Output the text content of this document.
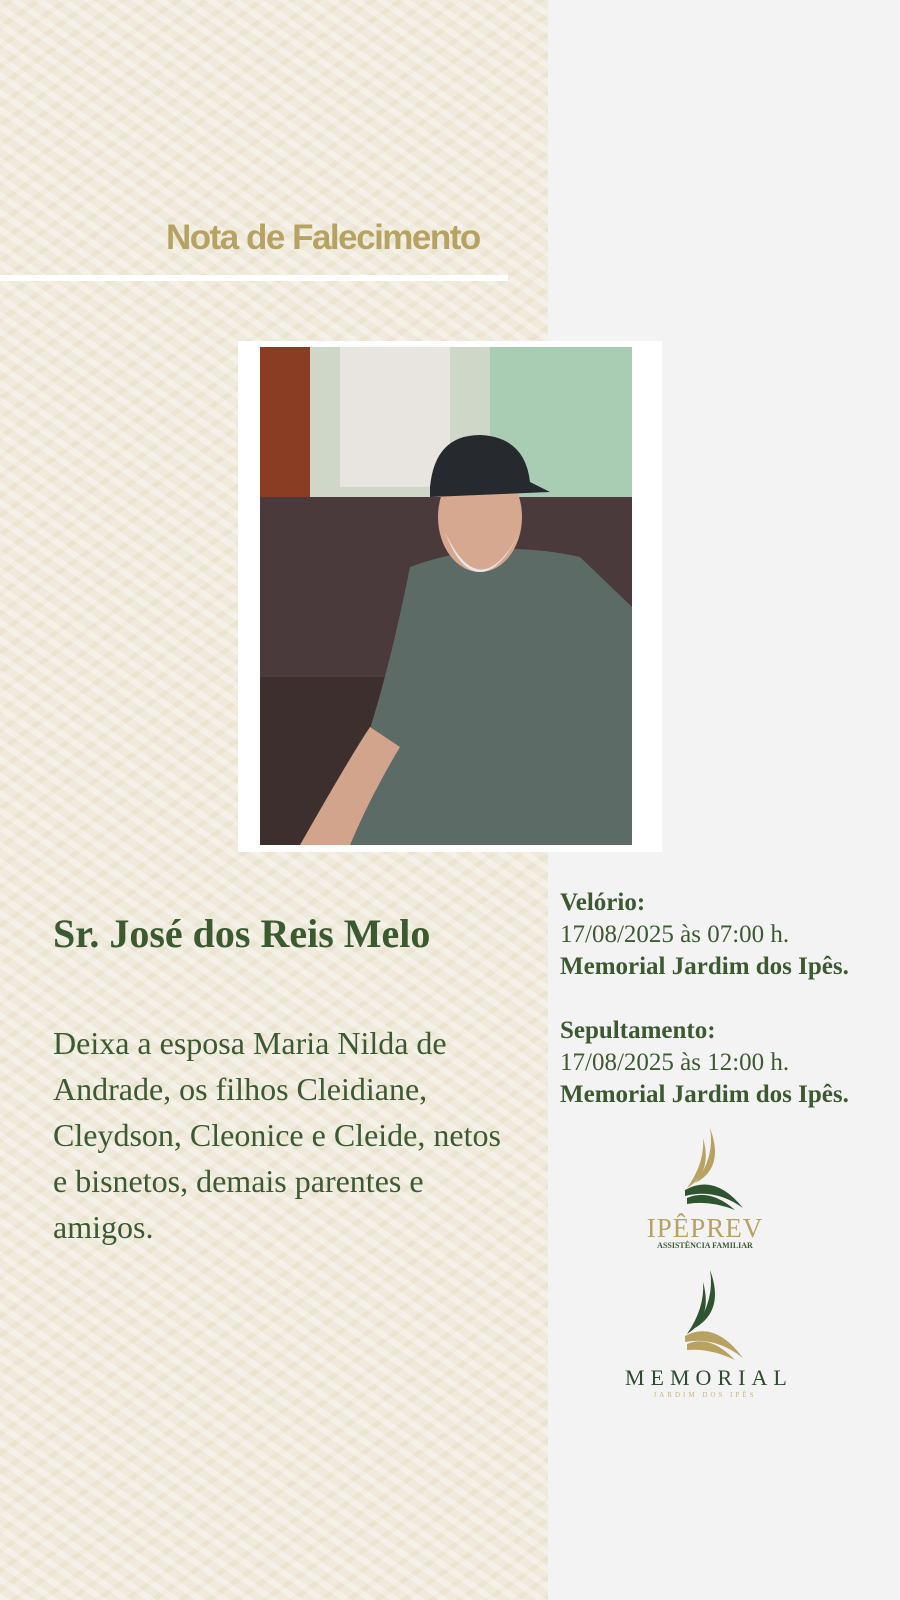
Nota de Falecimento
Sr. José dos Reis Melo
Deixa a esposa Maria Nilda de Andrade, os filhos Cleidiane, Cleydson, Cleonice e Cleide, netos e bisnetos, demais parentes e amigos.
Velório:
17/08/2025 às 07:00 h.
Memorial Jardim dos Ipês.
Sepultamento:
17/08/2025 às 12:00 h.
Memorial Jardim dos Ipês.
IPÊPREV
ASSISTÊNCIA FAMILIAR
MEMORIAL
JARDIM DOS IPÊS
